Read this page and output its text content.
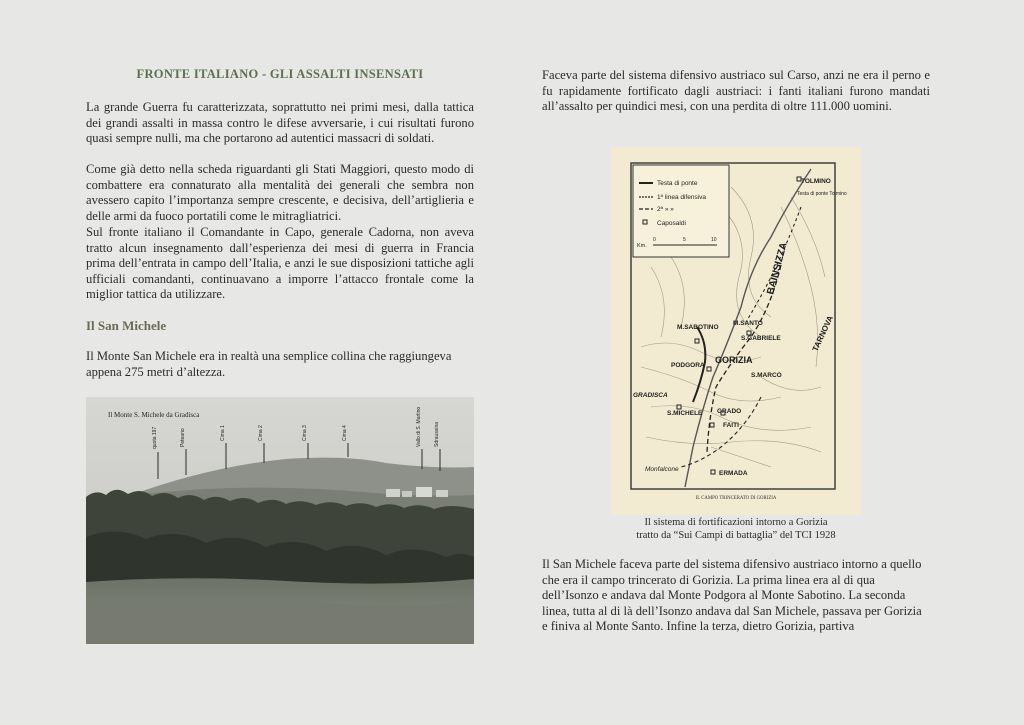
FRONTE ITALIANO - GLI ASSALTI INSENSATI

La grande Guerra fu caratterizzata, soprattutto nei primi mesi, dalla tattica dei grandi assalti in massa contro le difese avversarie, i cui risultati furono quasi sempre nulli, ma che portarono ad autentici massacri di soldati.

Come già detto nella scheda riguardanti gli Stati Maggiori, questo modo di combattere era connaturato alla mentalità dei generali che sembra non avessero capito l’importanza sempre crescente, e decisiva, dell’artiglieria e delle armi da fuoco portatili come le mitragliatrici.

Sul fronte italiano il Comandante in Capo, generale Cadorna, non aveva tratto alcun insegnamento dall’esperienza dei mesi di guerra in Francia prima dell’entrata in campo dell’Italia, e anzi le sue disposizioni tattiche agli ufficiali comandanti, continuavano a imporre l’attacco frontale come la miglior tattica da utilizzare.

Il San Michele

Il Monte San Michele era in realtà una semplice collina che raggiungeva appena 275 metri d’altezza.

Il Monte S. Michele da Gradisca
quota 197	Peteano	Cima 1	Cima 2	Cima 3	Cima 4	Vallo di S. Martino Sdraussina

Faceva parte del sistema difensivo austriaco sul Carso, anzi ne era il perno e fu rapidamente fortificato dagli austriaci: i fanti italiani furono mandati all’assalto per quindici mesi, con una perdita di oltre 111.000 uomini.

Testa di ponte
1ª linea difensiva
2ª » »
Caposaldi
Km.
0	5	10
TOLMINO
Testa di ponte Tolmino
BAINSIZZA
TARNOVA
M.SABOTINO
M.SANTO
S.GABRIELE
PODGORA
GORIZIA
S.MARCO
GRADISCA
S.MICHELE GRADO
FAITI
Monfalcone
ERMADA
IL CAMPO TRINCERATO DI GORIZIA
Il sistema di fortificazioni intorno a Gorizia
tratto da “Sui Campi di battaglia” del TCI 1928

Il San Michele faceva parte del sistema difensivo austriaco intorno a quello che era il campo trincerato di Gorizia. La prima linea era al di qua dell’Isonzo e andava dal Monte Podgora al Monte Sabotino. La seconda linea, tutta al di là dell’Isonzo andava dal San Michele, passava per Gorizia e finiva al Monte Santo. Infine la terza, dietro Gorizia, partiva
